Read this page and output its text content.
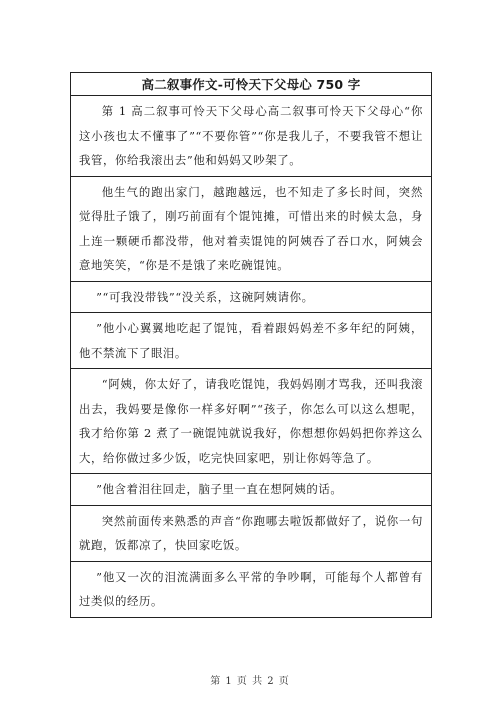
高二叙事作文-可怜天下父母心 750 字
第 1 高二叙事可怜天下父母心高二叙事可怜天下父母心“你这小孩也太不懂事了”“不要你管”“你是我儿子，不要我管不想让我管，你给我滚出去”他和妈妈又吵架了。
他生气的跑出家门，越跑越远，也不知走了多长时间，突然觉得肚子饿了，刚巧前面有个馄饨摊，可惜出来的时候太急，身上连一颗硬币都没带，他对着卖馄饨的阿姨吞了吞口水，阿姨会意地笑笑，“你是不是饿了来吃碗馄饨。
”“可我没带钱”“没关系，这碗阿姨请你。
”他小心翼翼地吃起了馄饨，看着跟妈妈差不多年纪的阿姨，他不禁流下了眼泪。
“阿姨，你太好了，请我吃馄饨，我妈妈刚才骂我，还叫我滚出去，我妈要是像你一样多好啊”“孩子，你怎么可以这么想呢，我才给你第 2 煮了一碗馄饨就说我好，你想想你妈妈把你养这么大，给你做过多少饭，吃完快回家吧，别让你妈等急了。
”他含着泪往回走，脑子里一直在想阿姨的话。
突然前面传来熟悉的声音“你跑哪去啦饭都做好了，说你一句就跑，饭都凉了，快回家吃饭。
”他又一次的泪流满面多么平常的争吵啊，可能每个人都曾有过类似的经历。
第 1 页 共 2 页
